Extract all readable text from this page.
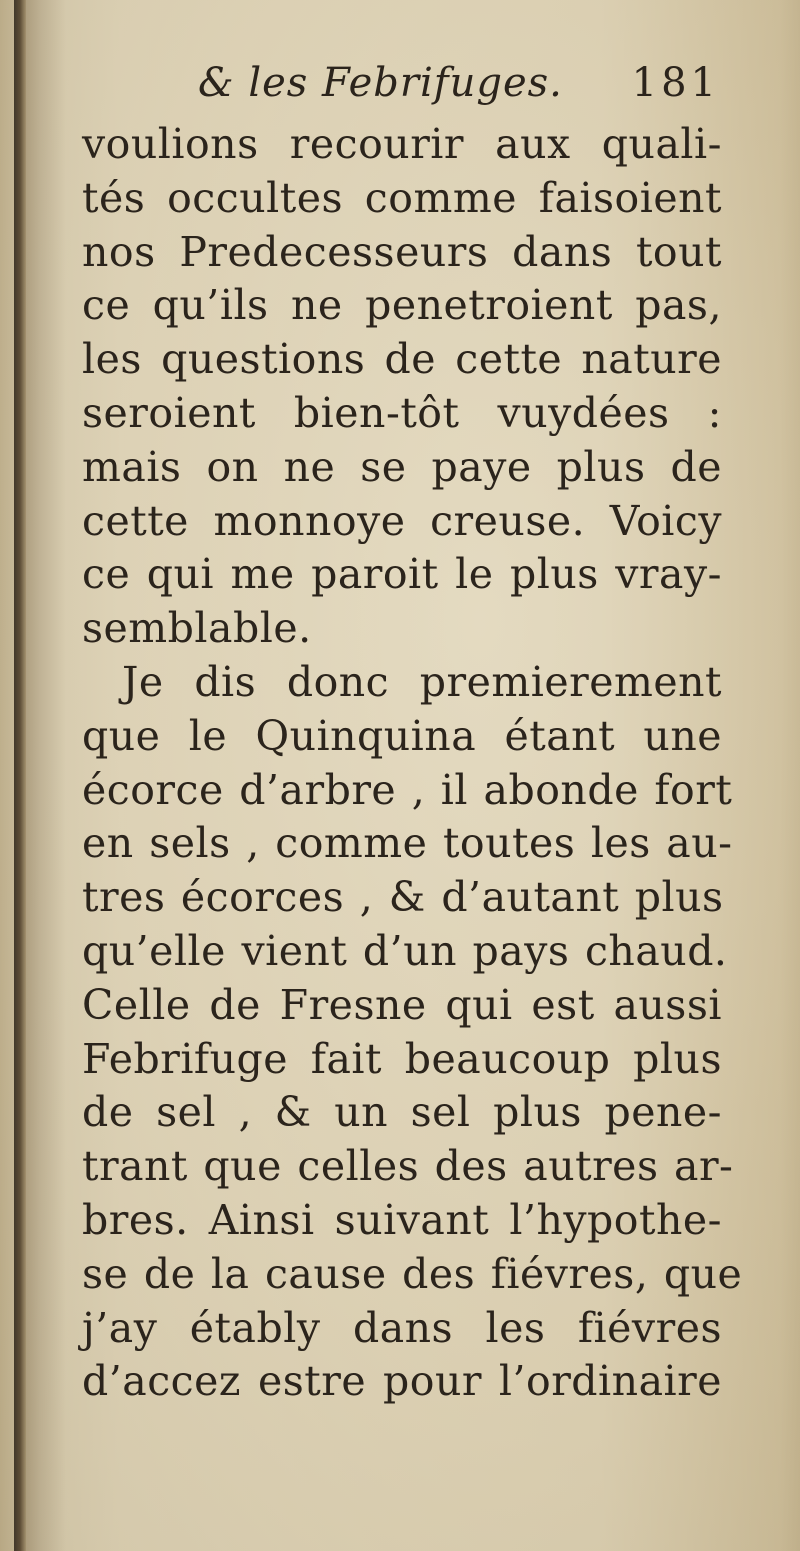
& les Febrifuges. 181
voulions recourir aux quali-
tés occultes comme faisoient
nos Predecesseurs dans tout
ce qu’ils ne penetroient pas,
les questions de cette nature
seroient bien-tôt vuydées :
mais on ne se paye plus de
cette monnoye creuse. Voicy
ce qui me paroit le plus vray-
semblable.
Je dis donc premierement
que le Quinquina étant une
écorce d’arbre , il abonde fort
en sels , comme toutes les au-
tres écorces , & d’autant plus
qu’elle vient d’un pays chaud.
Celle de Fresne qui est aussi
Febrifuge fait beaucoup plus
de sel , & un sel plus pene-
trant que celles des autres ar-
bres. Ainsi suivant l’hypothe-
se de la cause des fiévres, que
j’ay étably dans les fiévres
d’accez estre pour l’ordinaire
